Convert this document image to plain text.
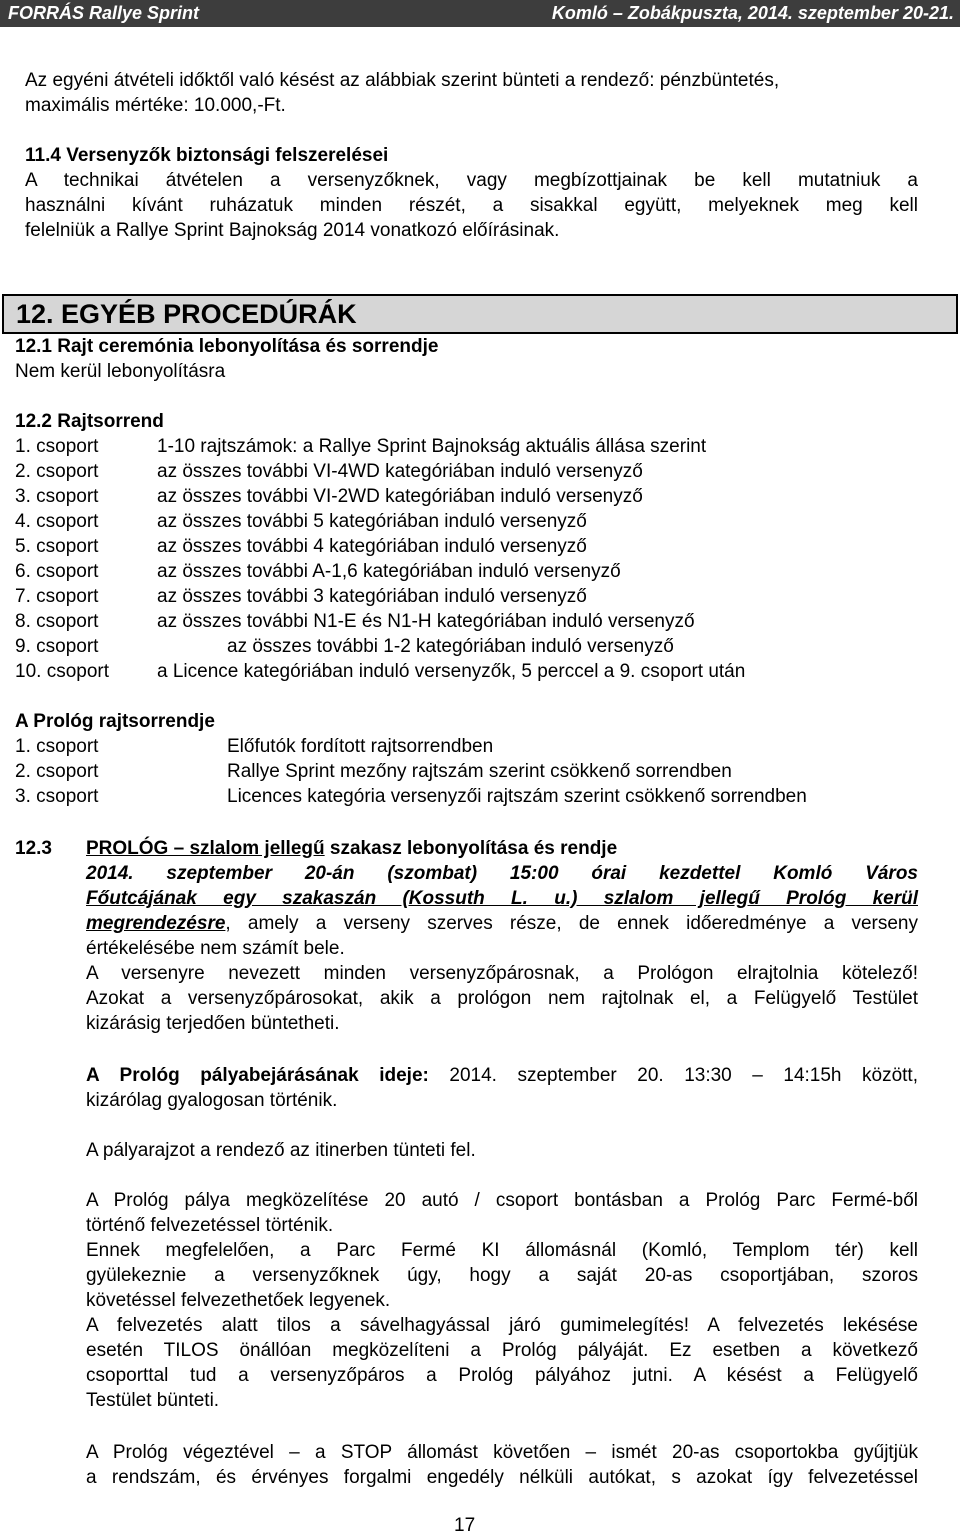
FORRÁS Rallye Sprint	Komló – Zobákpuszta, 2014. szeptember 20-21.
Az egyéni átvételi időktől való késést az alábbiak szerint bünteti a rendező: pénzbüntetés,
maximális mértéke: 10.000,-Ft.
11.4 Versenyzők biztonsági felszerelései
A technikai átvételen a versenyzőknek, vagy megbízottjainak be kell mutatniuk a
használni kívánt ruházatuk minden részét, a sisakkal együtt, melyeknek meg kell
felelniük a Rallye Sprint Bajnokság 2014 vonatkozó előírásinak.
12. EGYÉB PROCEDÚRÁK
12.1 Rajt ceremónia lebonyolítása és sorrendje
Nem kerül lebonyolításra
12.2 Rajtsorrend
1. csoport	1-10 rajtszámok: a Rallye Sprint Bajnokság aktuális állása szerint
2. csoport	az összes további VI-4WD kategóriában induló versenyző
3. csoport	az összes további VI-2WD kategóriában induló versenyző
4. csoport	az összes további 5 kategóriában induló versenyző
5. csoport	az összes további 4 kategóriában induló versenyző
6. csoport	az összes további A-1,6 kategóriában induló versenyző
7. csoport	az összes további 3 kategóriában induló versenyző
8. csoport	az összes további N1-E és N1-H kategóriában induló versenyző
9. csoport	az összes további 1-2 kategóriában induló versenyző
10. csoport	a Licence kategóriában induló versenyzők, 5 perccel a 9. csoport után
A Prológ rajtsorrendje
1. csoport	Előfutók fordított rajtsorrendben
2. csoport	Rallye Sprint mezőny rajtszám szerint csökkenő sorrendben
3. csoport	Licences kategória versenyzői rajtszám szerint csökkenő sorrendben
12.3 PROLÓG – szlalom jellegű szakasz lebonyolítása és rendje
2014. szeptember 20-án (szombat) 15:00 órai kezdettel Komló Város
Főutcájának egy szakaszán (Kossuth L. u.) szlalom jellegű Prológ kerül
megrendezésre, amely a verseny szerves része, de ennek időeredménye a verseny
értékelésébe nem számít bele.
A versenyre nevezett minden versenyzőpárosnak, a Prológon elrajtolnia kötelező!
Azokat a versenyzőpárosokat, akik a prológon nem rajtolnak el, a Felügyelő Testület
kizárásig terjedően büntetheti.
A Prológ pályabejárásának ideje: 2014. szeptember 20. 13:30 – 14:15h között,
kizárólag gyalogosan történik.
A pályarajzot a rendező az itinerben tünteti fel.
A Prológ pálya megközelítése 20 autó / csoport bontásban a Prológ Parc Fermé-ből
történő felvezetéssel történik.
Ennek megfelelően, a Parc Fermé KI állomásnál (Komló, Templom tér) kell
gyülekeznie a versenyzőknek úgy, hogy a saját 20-as csoportjában, szoros
követéssel felvezethetőek legyenek.
A felvezetés alatt tilos a sávelhagyással járó gumimelegítés! A felvezetés lekésése
esetén TILOS önállóan megközelíteni a Prológ pályáját. Ez esetben a következő
csoporttal tud a versenyzőpáros a Prológ pályához jutni. A késést a Felügyelő
Testület bünteti.
A Prológ végeztével – a STOP állomást követően – ismét 20-as csoportokba gyűjtjük
a rendszám, és érvényes forgalmi engedély nélküli autókat, s azokat így felvezetéssel
17
